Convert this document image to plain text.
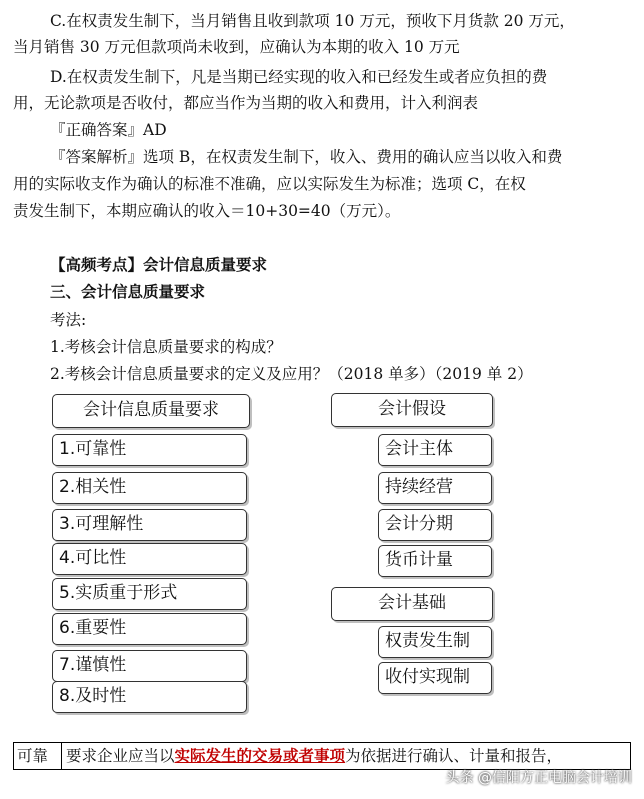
C.在权责发生制下，当月销售且收到款项 10 万元，预收下月货款 20 万元，
当月销售 30 万元但款项尚未收到，应确认为本期的收入 10 万元
D.在权责发生制下，凡是当期已经实现的收入和已经发生或者应负担的费
用，无论款项是否收付，都应当作为当期的收入和费用，计入利润表
『正确答案』AD
『答案解析』选项 B，在权责发生制下，收入、费用的确认应当以收入和费
用的实际收支作为确认的标准不准确，应以实际发生为标准；选项 C，在权
责发生制下，本期应确认的收入＝10+30=40（万元）。
【高频考点】会计信息质量要求
三、会计信息质量要求
考法:
1.考核会计信息质量要求的构成？
2.考核会计信息质量要求的定义及应用？（2018 单多）（2019 单 2）
会计信息质量要求
1.可靠性
2.相关性
3.可理解性
4.可比性
5.实质重于形式
6.重要性
7.谨慎性
8.及时性
会计假设
会计主体
持续经营
会计分期
货币计量
会计基础
权责发生制
收付实现制
可靠	要求企业应当以实际发生的交易或者事项为依据进行确认、计量和报告，
头条 @信阳方正电脑会计培训
